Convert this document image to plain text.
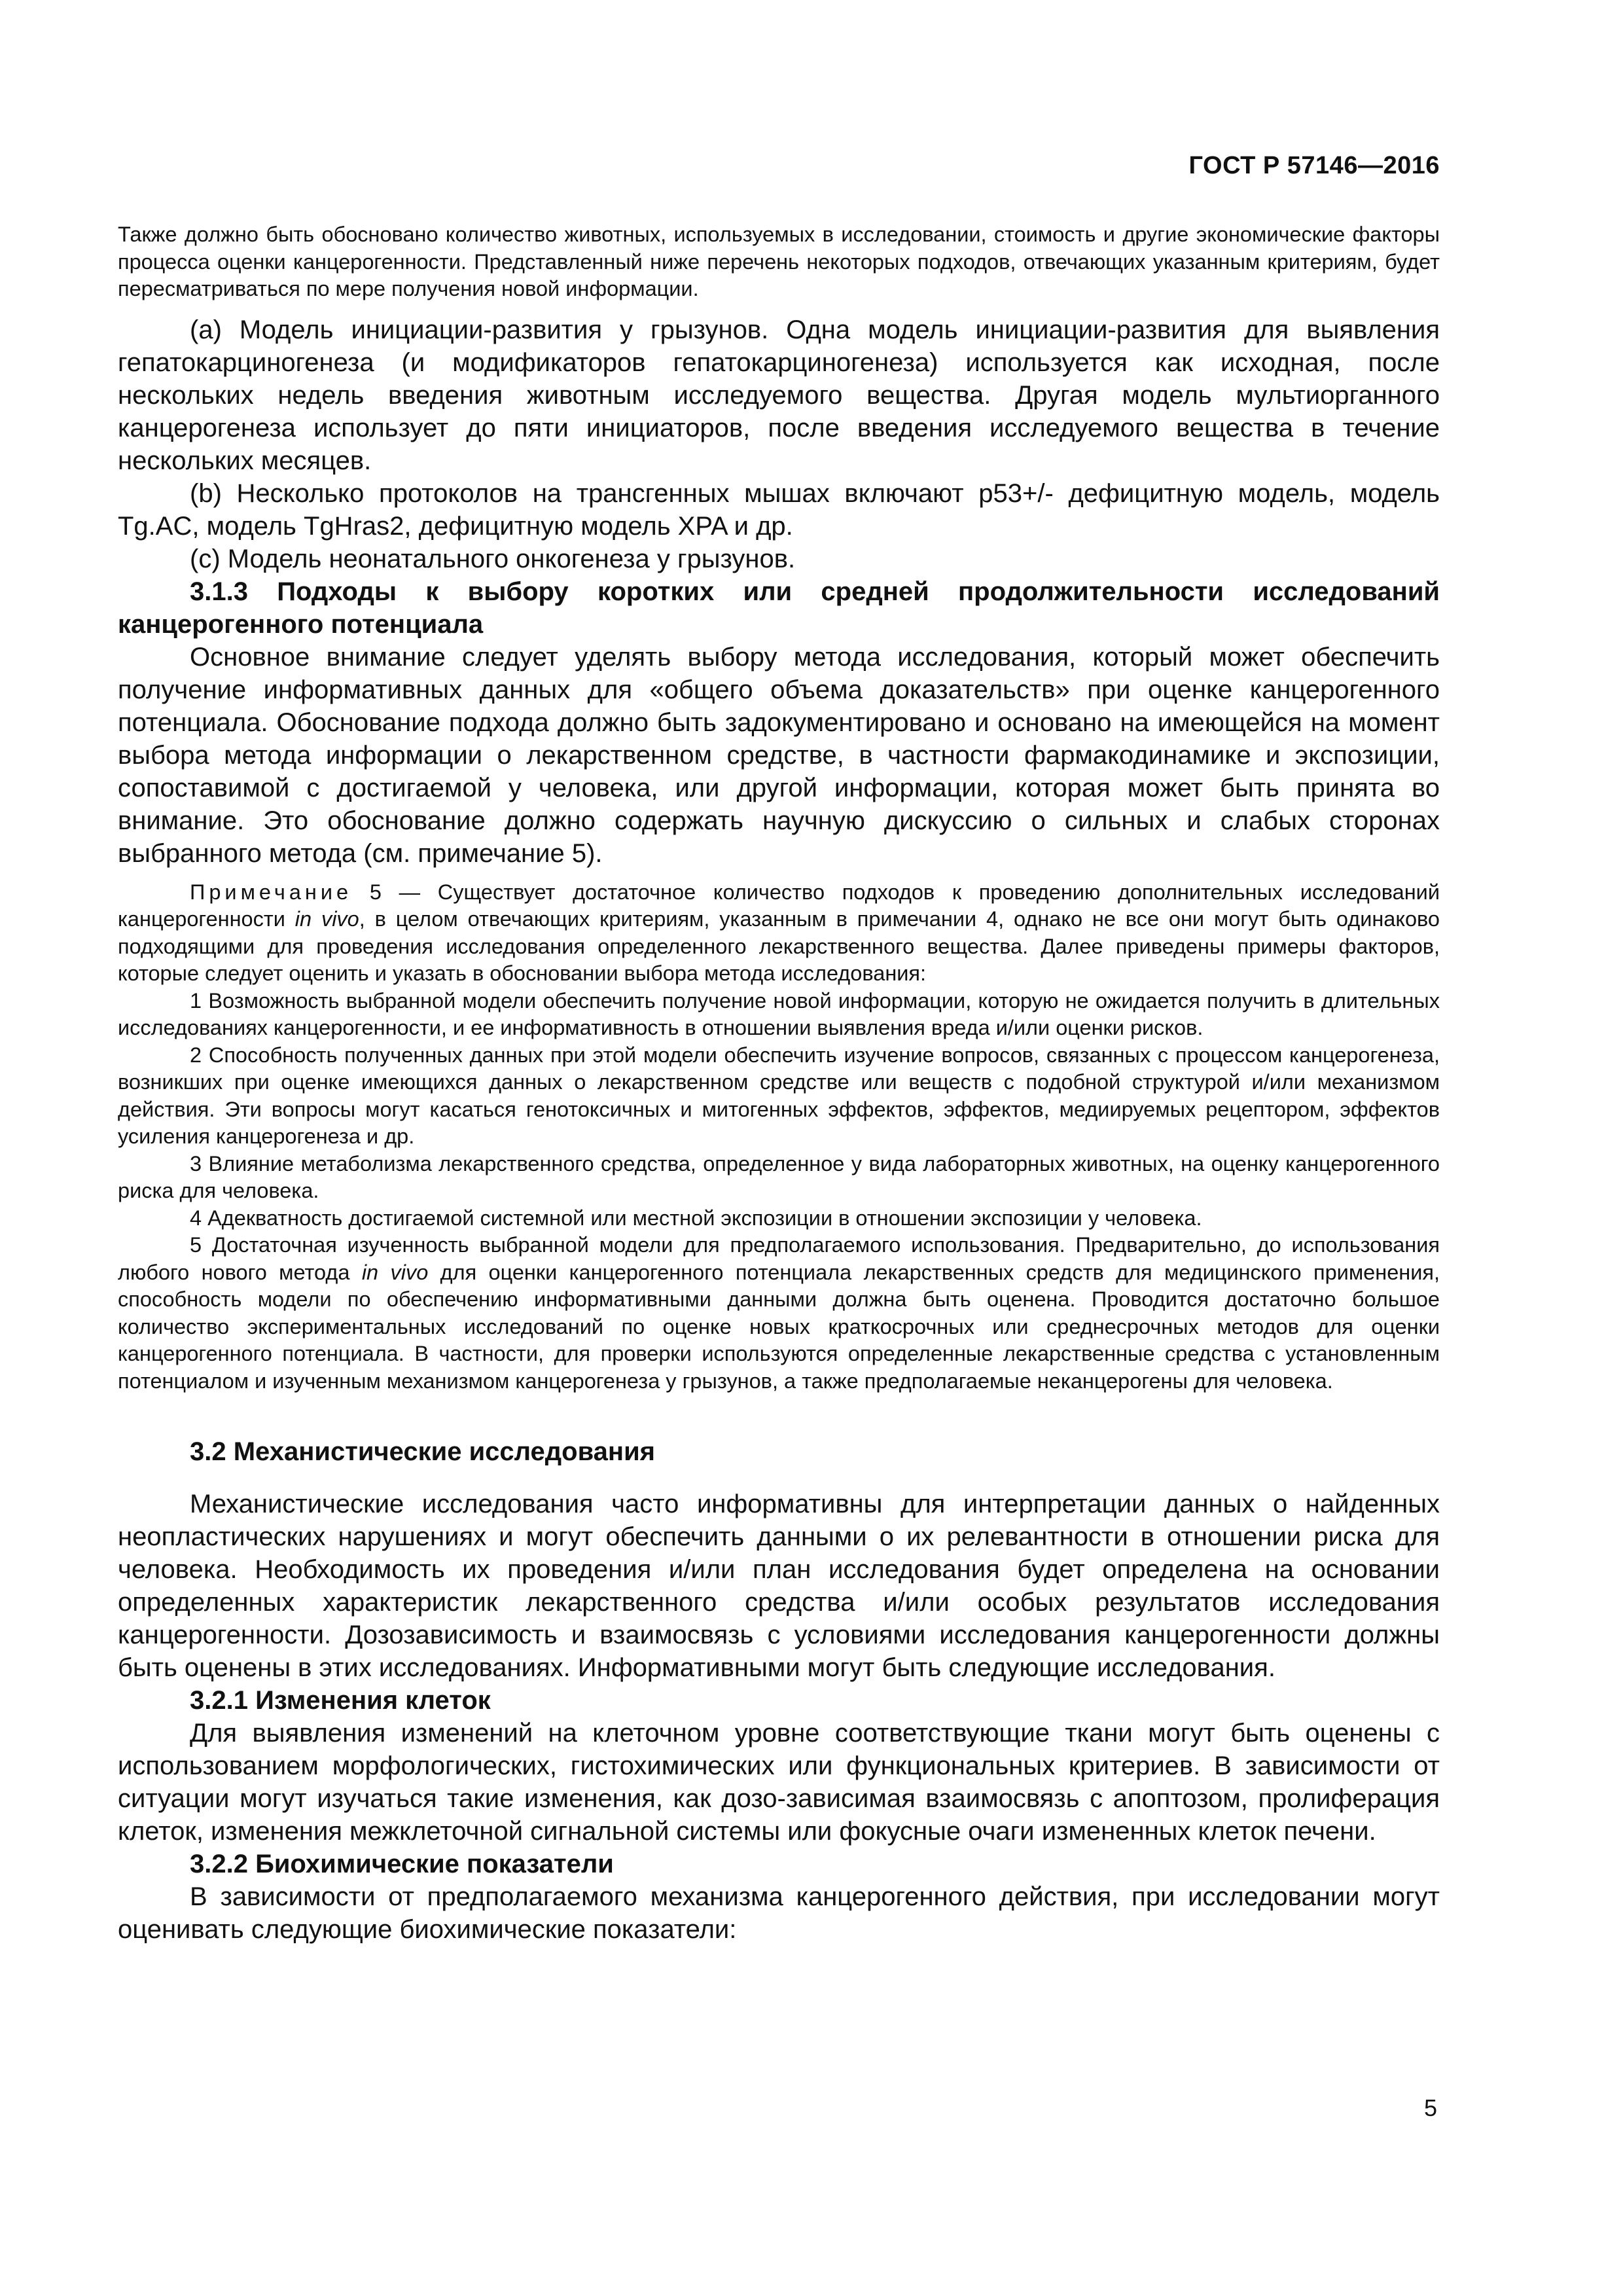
ГОСТ Р 57146—2016

Также должно быть обосновано количество животных, используемых в исследовании, стоимость и другие экономические факторы процесса оценки канцерогенности. Представленный ниже перечень некоторых подходов, отвечающих указанным критериям, будет пересматриваться по мере получения новой информации.

(a) Модель инициации-развития у грызунов. Одна модель инициации-развития для выявления гепатокарциногенеза (и модификаторов гепатокарциногенеза) используется как исходная, после нескольких недель введения животным исследуемого вещества. Другая модель мультиорганного канцерогенеза использует до пяти инициаторов, после введения исследуемого вещества в течение нескольких месяцев.

(b) Несколько протоколов на трансгенных мышах включают p53+/- дефицитную модель, модель Tg.AC, модель TgHras2, дефицитную модель XPA и др.

(c) Модель неонатального онкогенеза у грызунов.

3.1.3 Подходы к выбору коротких или средней продолжительности исследований канцерогенного потенциала

Основное внимание следует уделять выбору метода исследования, который может обеспечить получение информативных данных для «общего объема доказательств» при оценке канцерогенного потенциала. Обоснование подхода должно быть задокументировано и основано на имеющейся на момент выбора метода информации о лекарственном средстве, в частности фармакодинамике и экспозиции, сопоставимой с достигаемой у человека, или другой информации, которая может быть принята во внимание. Это обоснование должно содержать научную дискуссию о сильных и слабых сторонах выбранного метода (см. примечание 5).

Примечание 5 — Существует достаточное количество подходов к проведению дополнительных исследований канцерогенности in vivo, в целом отвечающих критериям, указанным в примечании 4, однако не все они могут быть одинаково подходящими для проведения исследования определенного лекарственного вещества. Далее приведены примеры факторов, которые следует оценить и указать в обосновании выбора метода исследования:

1 Возможность выбранной модели обеспечить получение новой информации, которую не ожидается получить в длительных исследованиях канцерогенности, и ее информативность в отношении выявления вреда и/или оценки рисков.

2 Способность полученных данных при этой модели обеспечить изучение вопросов, связанных с процессом канцерогенеза, возникших при оценке имеющихся данных о лекарственном средстве или веществ с подобной структурой и/или механизмом действия. Эти вопросы могут касаться генотоксичных и митогенных эффектов, эффектов, медиируемых рецептором, эффектов усиления канцерогенеза и др.

3 Влияние метаболизма лекарственного средства, определенное у вида лабораторных животных, на оценку канцерогенного риска для человека.

4 Адекватность достигаемой системной или местной экспозиции в отношении экспозиции у человека.

5 Достаточная изученность выбранной модели для предполагаемого использования. Предварительно, до использования любого нового метода in vivo для оценки канцерогенного потенциала лекарственных средств для медицинского применения, способность модели по обеспечению информативными данными должна быть оценена. Проводится достаточно большое количество экспериментальных исследований по оценке новых краткосрочных или среднесрочных методов для оценки канцерогенного потенциала. В частности, для проверки используются определенные лекарственные средства с установленным потенциалом и изученным механизмом канцерогенеза у грызунов, а также предполагаемые неканцерогены для человека.

3.2 Механистические исследования

Механистические исследования часто информативны для интерпретации данных о найденных неопластических нарушениях и могут обеспечить данными о их релевантности в отношении риска для человека. Необходимость их проведения и/или план исследования будет определена на основании определенных характеристик лекарственного средства и/или особых результатов исследования канцерогенности. Дозозависимость и взаимосвязь с условиями исследования канцерогенности должны быть оценены в этих исследованиях. Информативными могут быть следующие исследования.

3.2.1 Изменения клеток

Для выявления изменений на клеточном уровне соответствующие ткани могут быть оценены с использованием морфологических, гистохимических или функциональных критериев. В зависимости от ситуации могут изучаться такие изменения, как дозо-зависимая взаимосвязь с апоптозом, пролиферация клеток, изменения межклеточной сигнальной системы или фокусные очаги измененных клеток печени.

3.2.2 Биохимические показатели

В зависимости от предполагаемого механизма канцерогенного действия, при исследовании могут оценивать следующие биохимические показатели:

5
